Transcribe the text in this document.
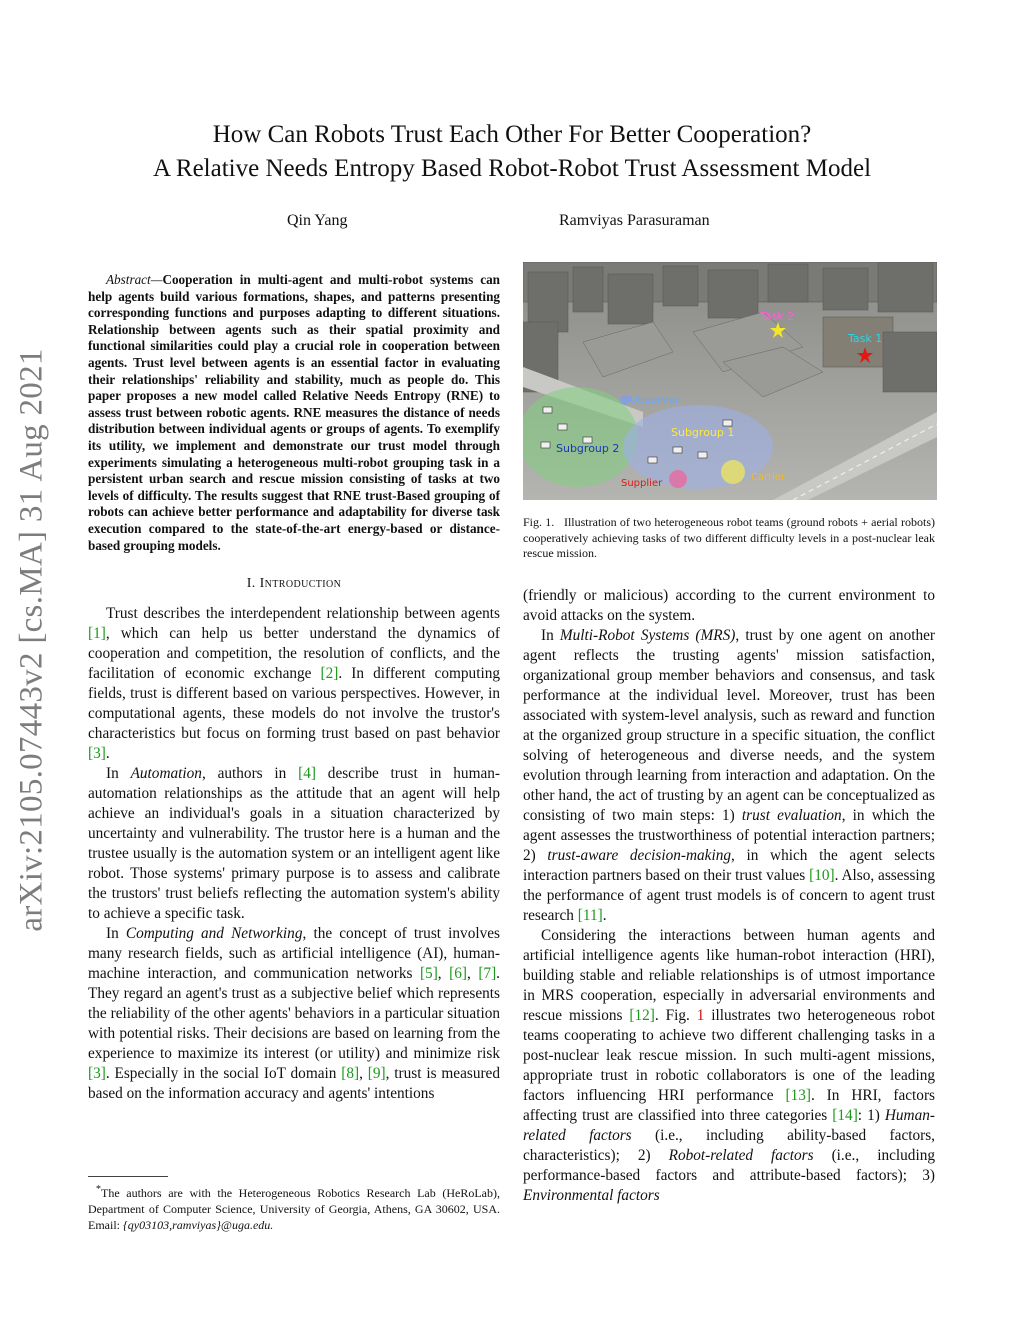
arXiv:2105.07443v2 [cs.MA] 31 Aug 2021
How Can Robots Trust Each Other For Better Cooperation?
A Relative Needs Entropy Based Robot-Robot Trust Assessment Model
Qin Yang	Ramviyas Parasuraman

Abstract—Cooperation in multi-agent and multi-robot systems can help agents build various formations, shapes, and patterns presenting corresponding functions and purposes adapting to different situations. Relationship between agents such as their spatial proximity and functional similarities could play a crucial role in cooperation between agents. Trust level between agents is an essential factor in evaluating their relationships' reliability and stability, much as people do. This paper proposes a new model called Relative Needs Entropy (RNE) to assess trust between robotic agents. RNE measures the distance of needs distribution between individual agents or groups of agents. To exemplify its utility, we implement and demonstrate our trust model through experiments simulating a heterogeneous multi-robot grouping task in a persistent urban search and rescue mission consisting of tasks at two levels of difficulty. The results suggest that RNE trust-Based grouping of robots can achieve better performance and adaptability for diverse task execution compared to the state-of-the-art energy-based or distance-based grouping models.

I. Introduction

Trust describes the interdependent relationship between agents [1], which can help us better understand the dynamics of cooperation and competition, the resolution of conflicts, and the facilitation of economic exchange [2]. In different computing fields, trust is different based on various perspectives. However, in computational agents, these models do not involve the trustor's characteristics but focus on forming trust based on past behavior [3].

In Automation, authors in [4] describe trust in human-automation relationships as the attitude that an agent will help achieve an individual's goals in a situation characterized by uncertainty and vulnerability. The trustor here is a human and the trustee usually is the automation system or an intelligent agent like robot. Those systems' primary purpose is to assess and calibrate the trustors' trust beliefs reflecting the automation system's ability to achieve a specific task.

In Computing and Networking, the concept of trust involves many research fields, such as artificial intelligence (AI), human-machine interaction, and communication networks [5], [6], [7]. They regard an agent's trust as a subjective belief which represents the reliability of the other agents' behaviors in a particular situation with potential risks. Their decisions are based on learning from the experience to maximize its interest (or utility) and minimize risk [3]. Especially in the social IoT domain [8], [9], trust is measured based on the information accuracy and agents' intentions

*The authors are with the Heterogeneous Robotics Research Lab (HeRoLab), Department of Computer Science, University of Georgia, Athens, GA 30602, USA. Email: {qy03103,ramviyas}@uga.edu.

Task 2
Task 1
Observer
Subgroup 1
Subgroup 2
Supplier
Carrier
Fig. 1. Illustration of two heterogeneous robot teams (ground robots + aerial robots) cooperatively achieving tasks of two different difficulty levels in a post-nuclear leak rescue mission.

(friendly or malicious) according to the current environment to avoid attacks on the system.

In Multi-Robot Systems (MRS), trust by one agent on another agent reflects the trusting agents' mission satisfaction, organizational group member behaviors and consensus, and task performance at the individual level. Moreover, trust has been associated with system-level analysis, such as reward and function at the organized group structure in a specific situation, the conflict solving of heterogeneous and diverse needs, and the system evolution through learning from interaction and adaptation. On the other hand, the act of trusting by an agent can be conceptualized as consisting of two main steps: 1) trust evaluation, in which the agent assesses the trustworthiness of potential interaction partners; 2) trust-aware decision-making, in which the agent selects interaction partners based on their trust values [10]. Also, assessing the performance of agent trust models is of concern to agent trust research [11].

Considering the interactions between human agents and artificial intelligence agents like human-robot interaction (HRI), building stable and reliable relationships is of utmost importance in MRS cooperation, especially in adversarial environments and rescue missions [12]. Fig. 1 illustrates two heterogeneous robot teams cooperating to achieve two different challenging tasks in a post-nuclear leak rescue mission. In such multi-agent missions, appropriate trust in robotic collaborators is one of the leading factors influencing HRI performance [13]. In HRI, factors affecting trust are classified into three categories [14]: 1) Human-related factors (i.e., including ability-based factors, characteristics); 2) Robot-related factors (i.e., including performance-based factors and attribute-based factors); 3) Environmental factors
